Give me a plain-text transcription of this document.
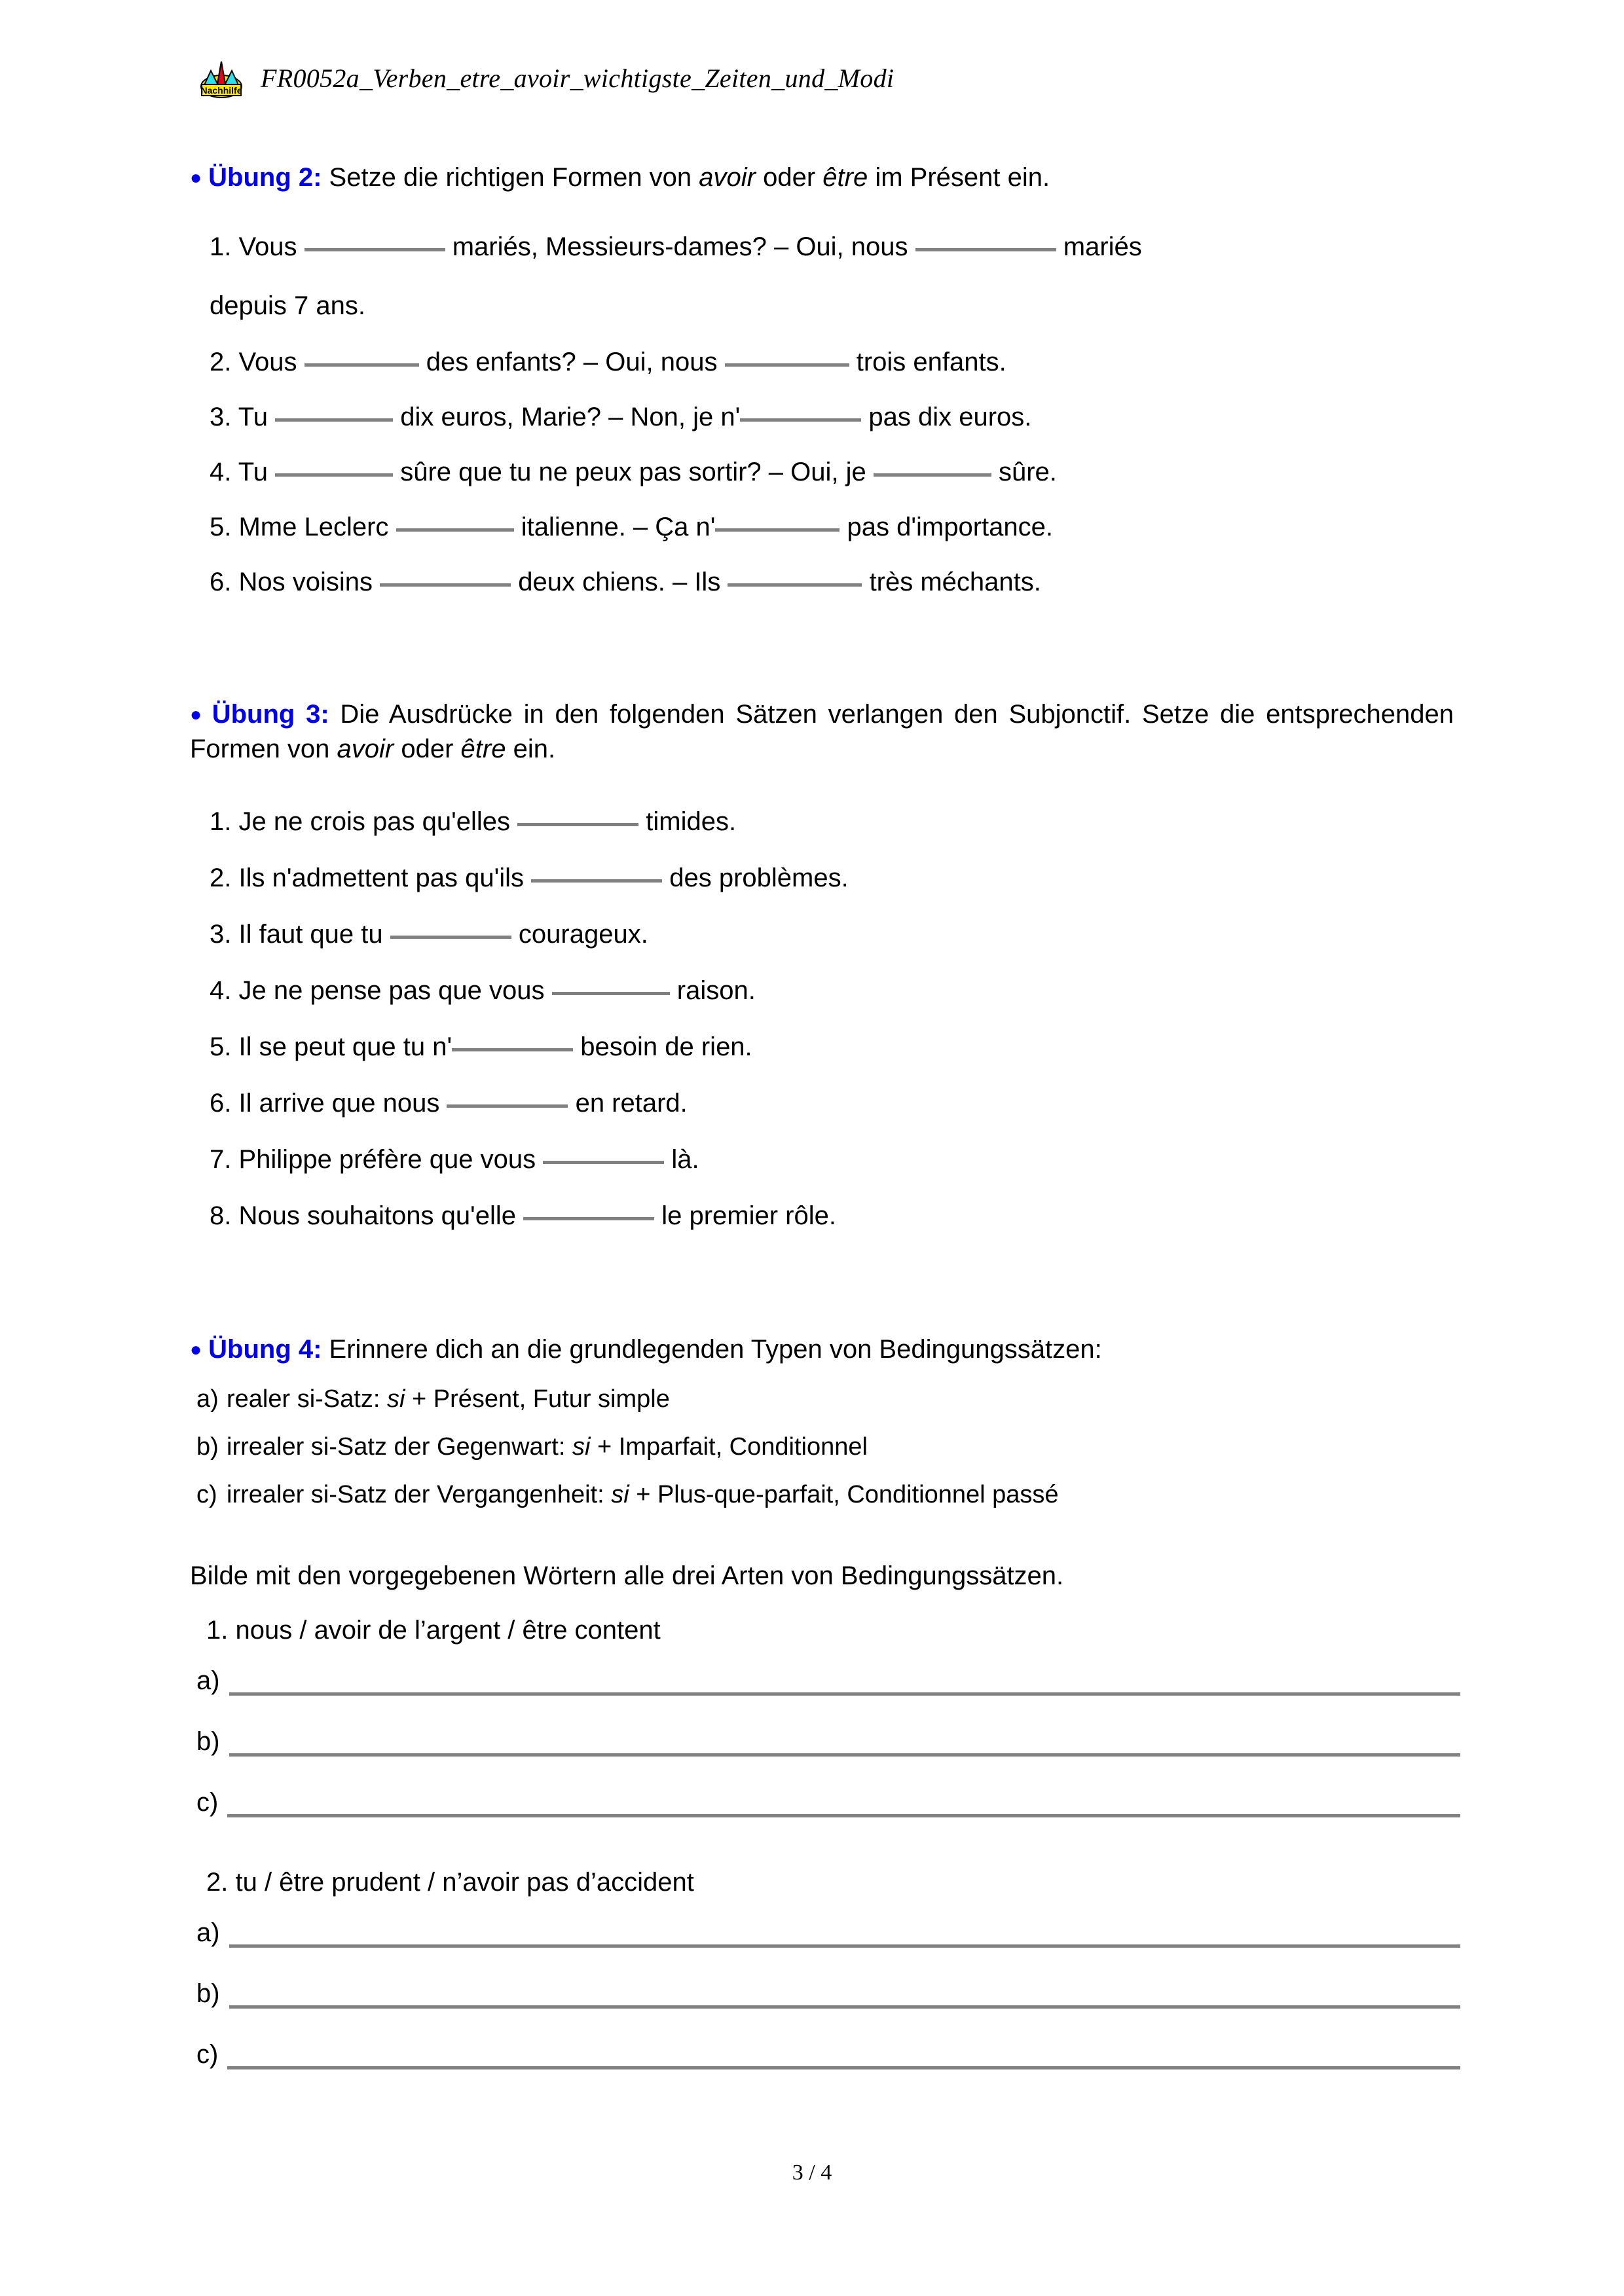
Nachhilfe FR0052a_Verben_etre_avoir_wichtigste_Zeiten_und_Modi

● Übung 2: Setze die richtigen Formen von avoir oder être im Présent ein.

1. Vous	mariés, Messieurs-dames? – Oui, nous	mariés

depuis 7 ans.

2. Vous	des enfants? – Oui, nous	trois enfants.

3. Tu	dix euros, Marie? – Non, je n'	pas dix euros.

4. Tu	sûre que tu ne peux pas sortir? – Oui, je	sûre.

5. Mme Leclerc	italienne. – Ça n'	pas d'importance.

6. Nos voisins	deux chiens. – Ils	très méchants.

● Übung 3: Die Ausdrücke in den folgenden Sätzen verlangen den Subjonctif. Setze die entsprechenden Formen von avoir oder être ein.

1. Je ne crois pas qu'elles	timides.

2. Ils n'admettent pas qu'ils	des problèmes.

3. Il faut que tu	courageux.

4. Je ne pense pas que vous	raison.

5. Il se peut que tu n'	besoin de rien.

6. Il arrive que nous	en retard.

7. Philippe préfère que vous	là.

8. Nous souhaitons qu'elle	le premier rôle.

● Übung 4: Erinnere dich an die grundlegenden Typen von Bedingungssätzen:

a) realer si-Satz: si + Présent, Futur simple

b) irrealer si-Satz der Gegenwart: si + Imparfait, Conditionnel

c) irrealer si-Satz der Vergangenheit: si + Plus-que-parfait, Conditionnel passé

Bilde mit den vorgegebenen Wörtern alle drei Arten von Bedingungssätzen.

1. nous / avoir de l’argent / être content

a)
b)
c)

2. tu / être prudent / n’avoir pas d’accident

a)
b)
c)
3 / 4
